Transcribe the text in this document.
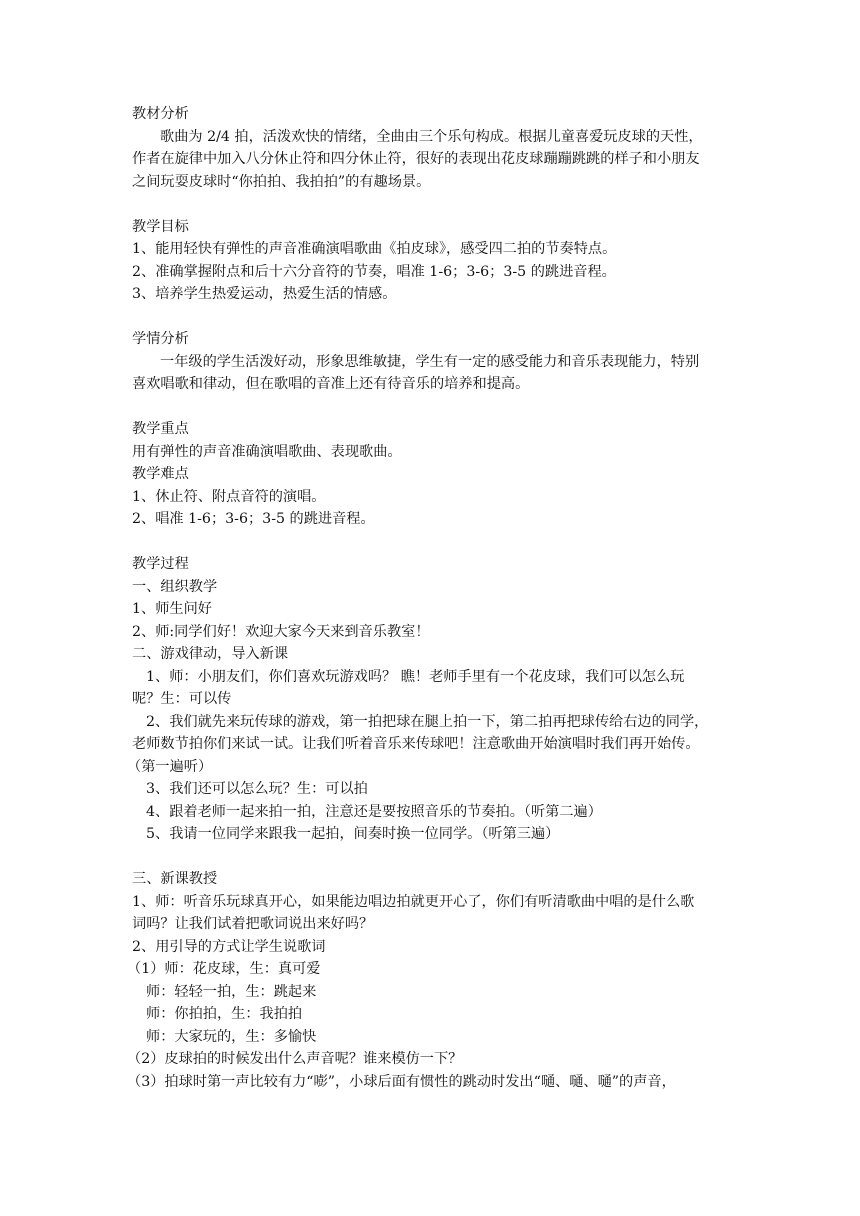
教材分析
歌曲为 2/4 拍，活泼欢快的情绪，全曲由三个乐句构成。根据儿童喜爱玩皮球的天性，
作者在旋律中加入八分休止符和四分休止符，很好的表现出花皮球蹦蹦跳跳的样子和小朋友
之间玩耍皮球时“你拍拍、我拍拍”的有趣场景。
教学目标
1、能用轻快有弹性的声音准确演唱歌曲《拍皮球》，感受四二拍的节奏特点。
2、准确掌握附点和后十六分音符的节奏，唱准 1-6；3-6；3-5 的跳进音程。
3、培养学生热爱运动，热爱生活的情感。
学情分析
一年级的学生活泼好动，形象思维敏捷，学生有一定的感受能力和音乐表现能力，特别
喜欢唱歌和律动，但在歌唱的音准上还有待音乐的培养和提高。
教学重点
用有弹性的声音准确演唱歌曲、表现歌曲。
教学难点
1、休止符、附点音符的演唱。
2、唱准 1-6；3-6；3-5 的跳进音程。
教学过程
一、组织教学
1、师生问好
2、师:同学们好！欢迎大家今天来到音乐教室！
二、游戏律动，导入新课
1、师：小朋友们，你们喜欢玩游戏吗？ 瞧！老师手里有一个花皮球，我们可以怎么玩
呢？生：可以传
2、我们就先来玩传球的游戏，第一拍把球在腿上拍一下，第二拍再把球传给右边的同学，
老师数节拍你们来试一试。让我们听着音乐来传球吧！注意歌曲开始演唱时我们再开始传。
（第一遍听）
3、我们还可以怎么玩？生：可以拍
4、跟着老师一起来拍一拍，注意还是要按照音乐的节奏拍。（听第二遍）
5、我请一位同学来跟我一起拍，间奏时换一位同学。（听第三遍）
三、新课教授
1、师：听音乐玩球真开心，如果能边唱边拍就更开心了，你们有听清歌曲中唱的是什么歌
词吗？让我们试着把歌词说出来好吗？
2、用引导的方式让学生说歌词
（1）师：花皮球，生：真可爱
师：轻轻一拍，生：跳起来
师：你拍拍，生：我拍拍
师：大家玩的，生：多愉快
（2）皮球拍的时候发出什么声音呢？谁来模仿一下？
（3）拍球时第一声比较有力“嘭”，小球后面有惯性的跳动时发出“嗵、嗵、嗵”的声音，
